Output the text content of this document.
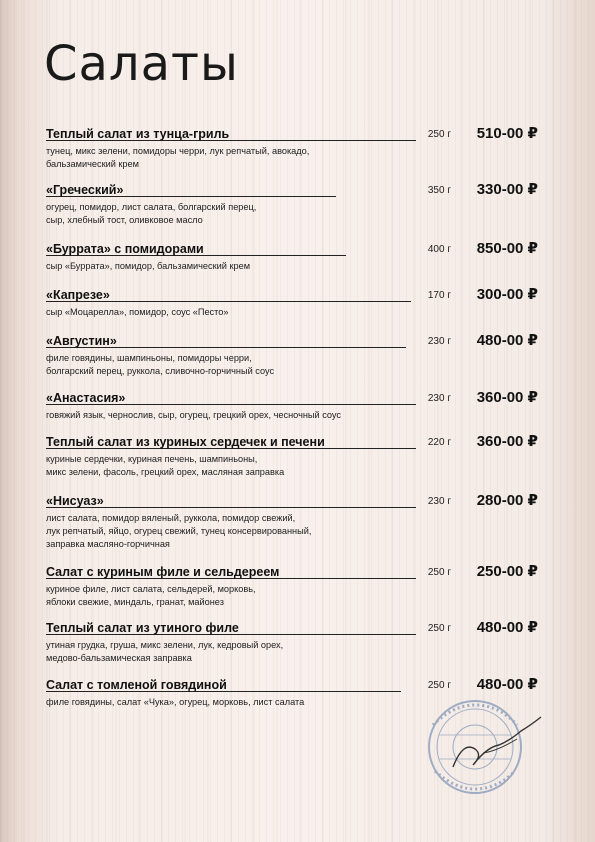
Салаты
Теплый салат из тунца-гриль	250 г 510-00 ₽
тунец, микс зелени, помидоры черри, лук репчатый, авокадо,
бальзамический крем
«Греческий»	350 г 330-00 ₽
огурец, помидор, лист салата, болгарский перец,
сыр, хлебный тост, оливковое масло
«Буррата» с помидорами	400 г 850-00 ₽
сыр «Буррата», помидор, бальзамический крем
«Капрезе»	170 г 300-00 ₽
сыр «Моцарелла», помидор, соус «Песто»
«Августин»	230 г 480-00 ₽
филе говядины, шампиньоны, помидоры черри,
болгарский перец, руккола, сливочно-горчичный соус
«Анастасия»	230 г 360-00 ₽
говяжий язык, чернослив, сыр, огурец, грецкий орех, чесночный соус
Теплый салат из куриных сердечек и печени	220 г 360-00 ₽
куриные сердечки, куриная печень, шампиньоны,
микс зелени, фасоль, грецкий орех, масляная заправка
«Нисуаз»	230 г 280-00 ₽
лист салата, помидор вяленый, руккола, помидор свежий,
лук репчатый, яйцо, огурец свежий, тунец консервированный,
заправка масляно-горчичная
Салат с куриным филе и сельдереем	250 г 250-00 ₽
куриное филе, лист салата, сельдерей, морковь,
яблоки свежие, миндаль, гранат, майонез
Теплый салат из утиного филе	250 г 480-00 ₽
утиная грудка, груша, микс зелени, лук, кедровый орех,
медово-бальзамическая заправка
Салат с томленой говядиной	250 г 480-00 ₽
филе говядины, салат «Чука», огурец, морковь, лист салата
